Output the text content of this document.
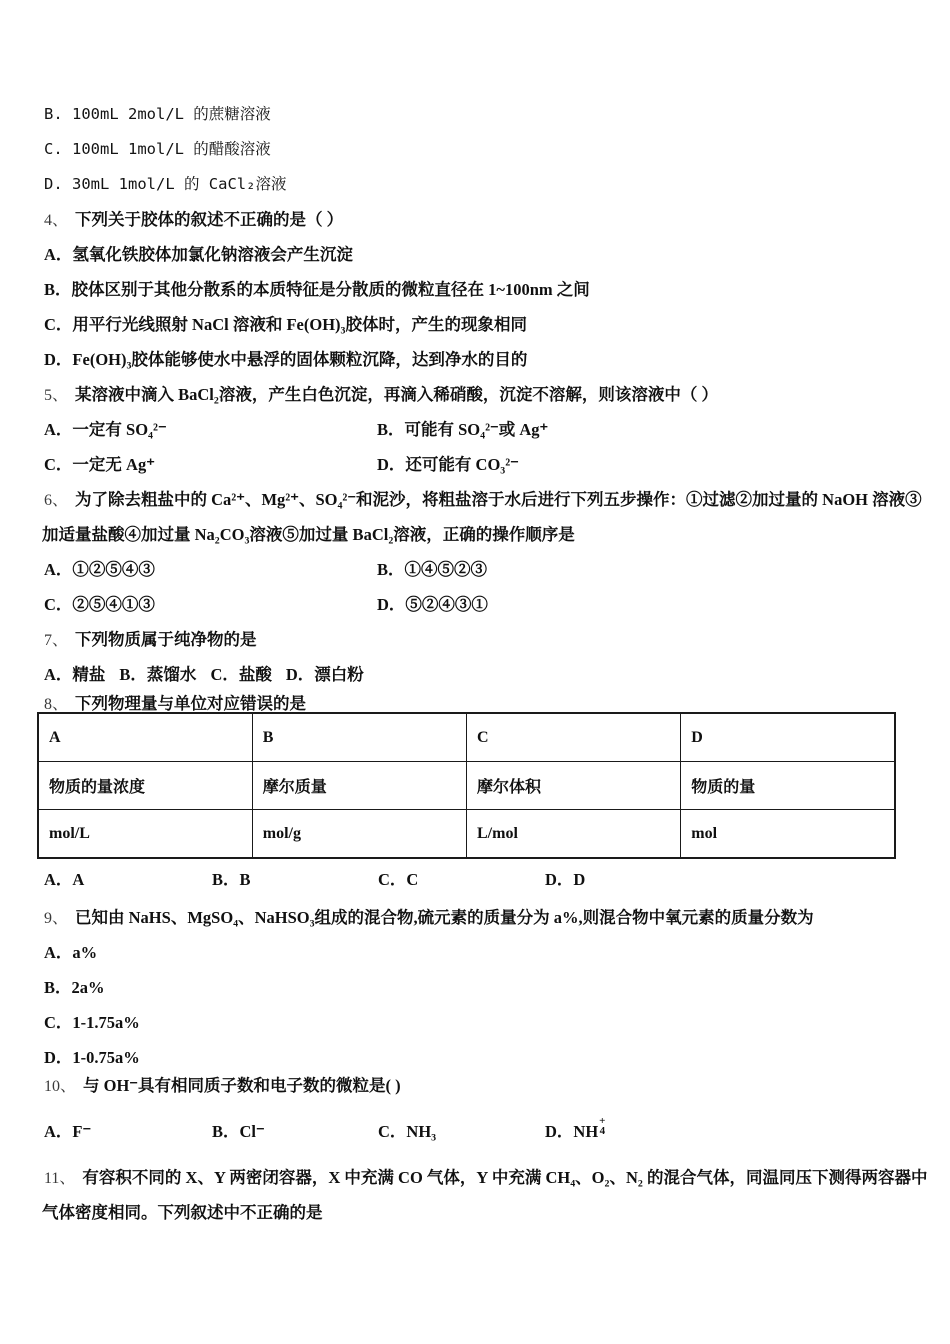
B. 100mL 2mol/L 的蔗糖溶液
C. 100mL 1mol/L 的醋酸溶液
D. 30mL 1mol/L 的 CaCl₂溶液
4、 下列关于胶体的叙述不正确的是（ ）
A．氢氧化铁胶体加氯化钠溶液会产生沉淀
B．胶体区别于其他分散系的本质特征是分散质的微粒直径在 1~100nm 之间
C．用平行光线照射 NaCl 溶液和 Fe(OH)₃胶体时，产生的现象相同
D．Fe(OH)₃胶体能够使水中悬浮的固体颗粒沉降，达到净水的目的
5、 某溶液中滴入 BaCl₂溶液，产生白色沉淀，再滴入稀硝酸，沉淀不溶解，则该溶液中（ ）
A．一定有 SO₄²⁻	B．可能有 SO₄²⁻或 Ag⁺
C．一定无 Ag⁺	D．还可能有 CO₃²⁻
6、 为了除去粗盐中的 Ca²⁺、Mg²⁺、SO₄²⁻和泥沙，将粗盐溶于水后进行下列五步操作：①过滤②加过量的 NaOH 溶液③
加适量盐酸④加过量 Na₂CO₃溶液⑤加过量 BaCl₂溶液，正确的操作顺序是
A．①②⑤④③	B．①④⑤②③
C．②⑤④①③	D．⑤②④③①
7、 下列物质属于纯净物的是
A．精盐 B．蒸馏水 C．盐酸 D．漂白粉
8、 下列物理量与单位对应错误的是
A	B	C	D
物质的量浓度	摩尔质量	摩尔体积	物质的量
mol/L	mol/g	L/mol	mol
A．A	B．B	C．C	D．D
9、 已知由 NaHS、MgSO₄、NaHSO₃组成的混合物,硫元素的质量分为 a%,则混合物中氧元素的质量分数为
A．a%
B．2a%
C．1-1.75a%
D．1-0.75a%
10、 与 OH⁻具有相同质子数和电子数的微粒是( )
A．F⁻	B．Cl⁻	C．NH₃	D．NH
+
4
11、 有容积不同的 X、Y 两密闭容器，X 中充满 CO 气体，Y 中充满 CH₄、O₂、N₂ 的混合气体，同温同压下测得两容器中
气体密度相同。下列叙述中不正确的是
